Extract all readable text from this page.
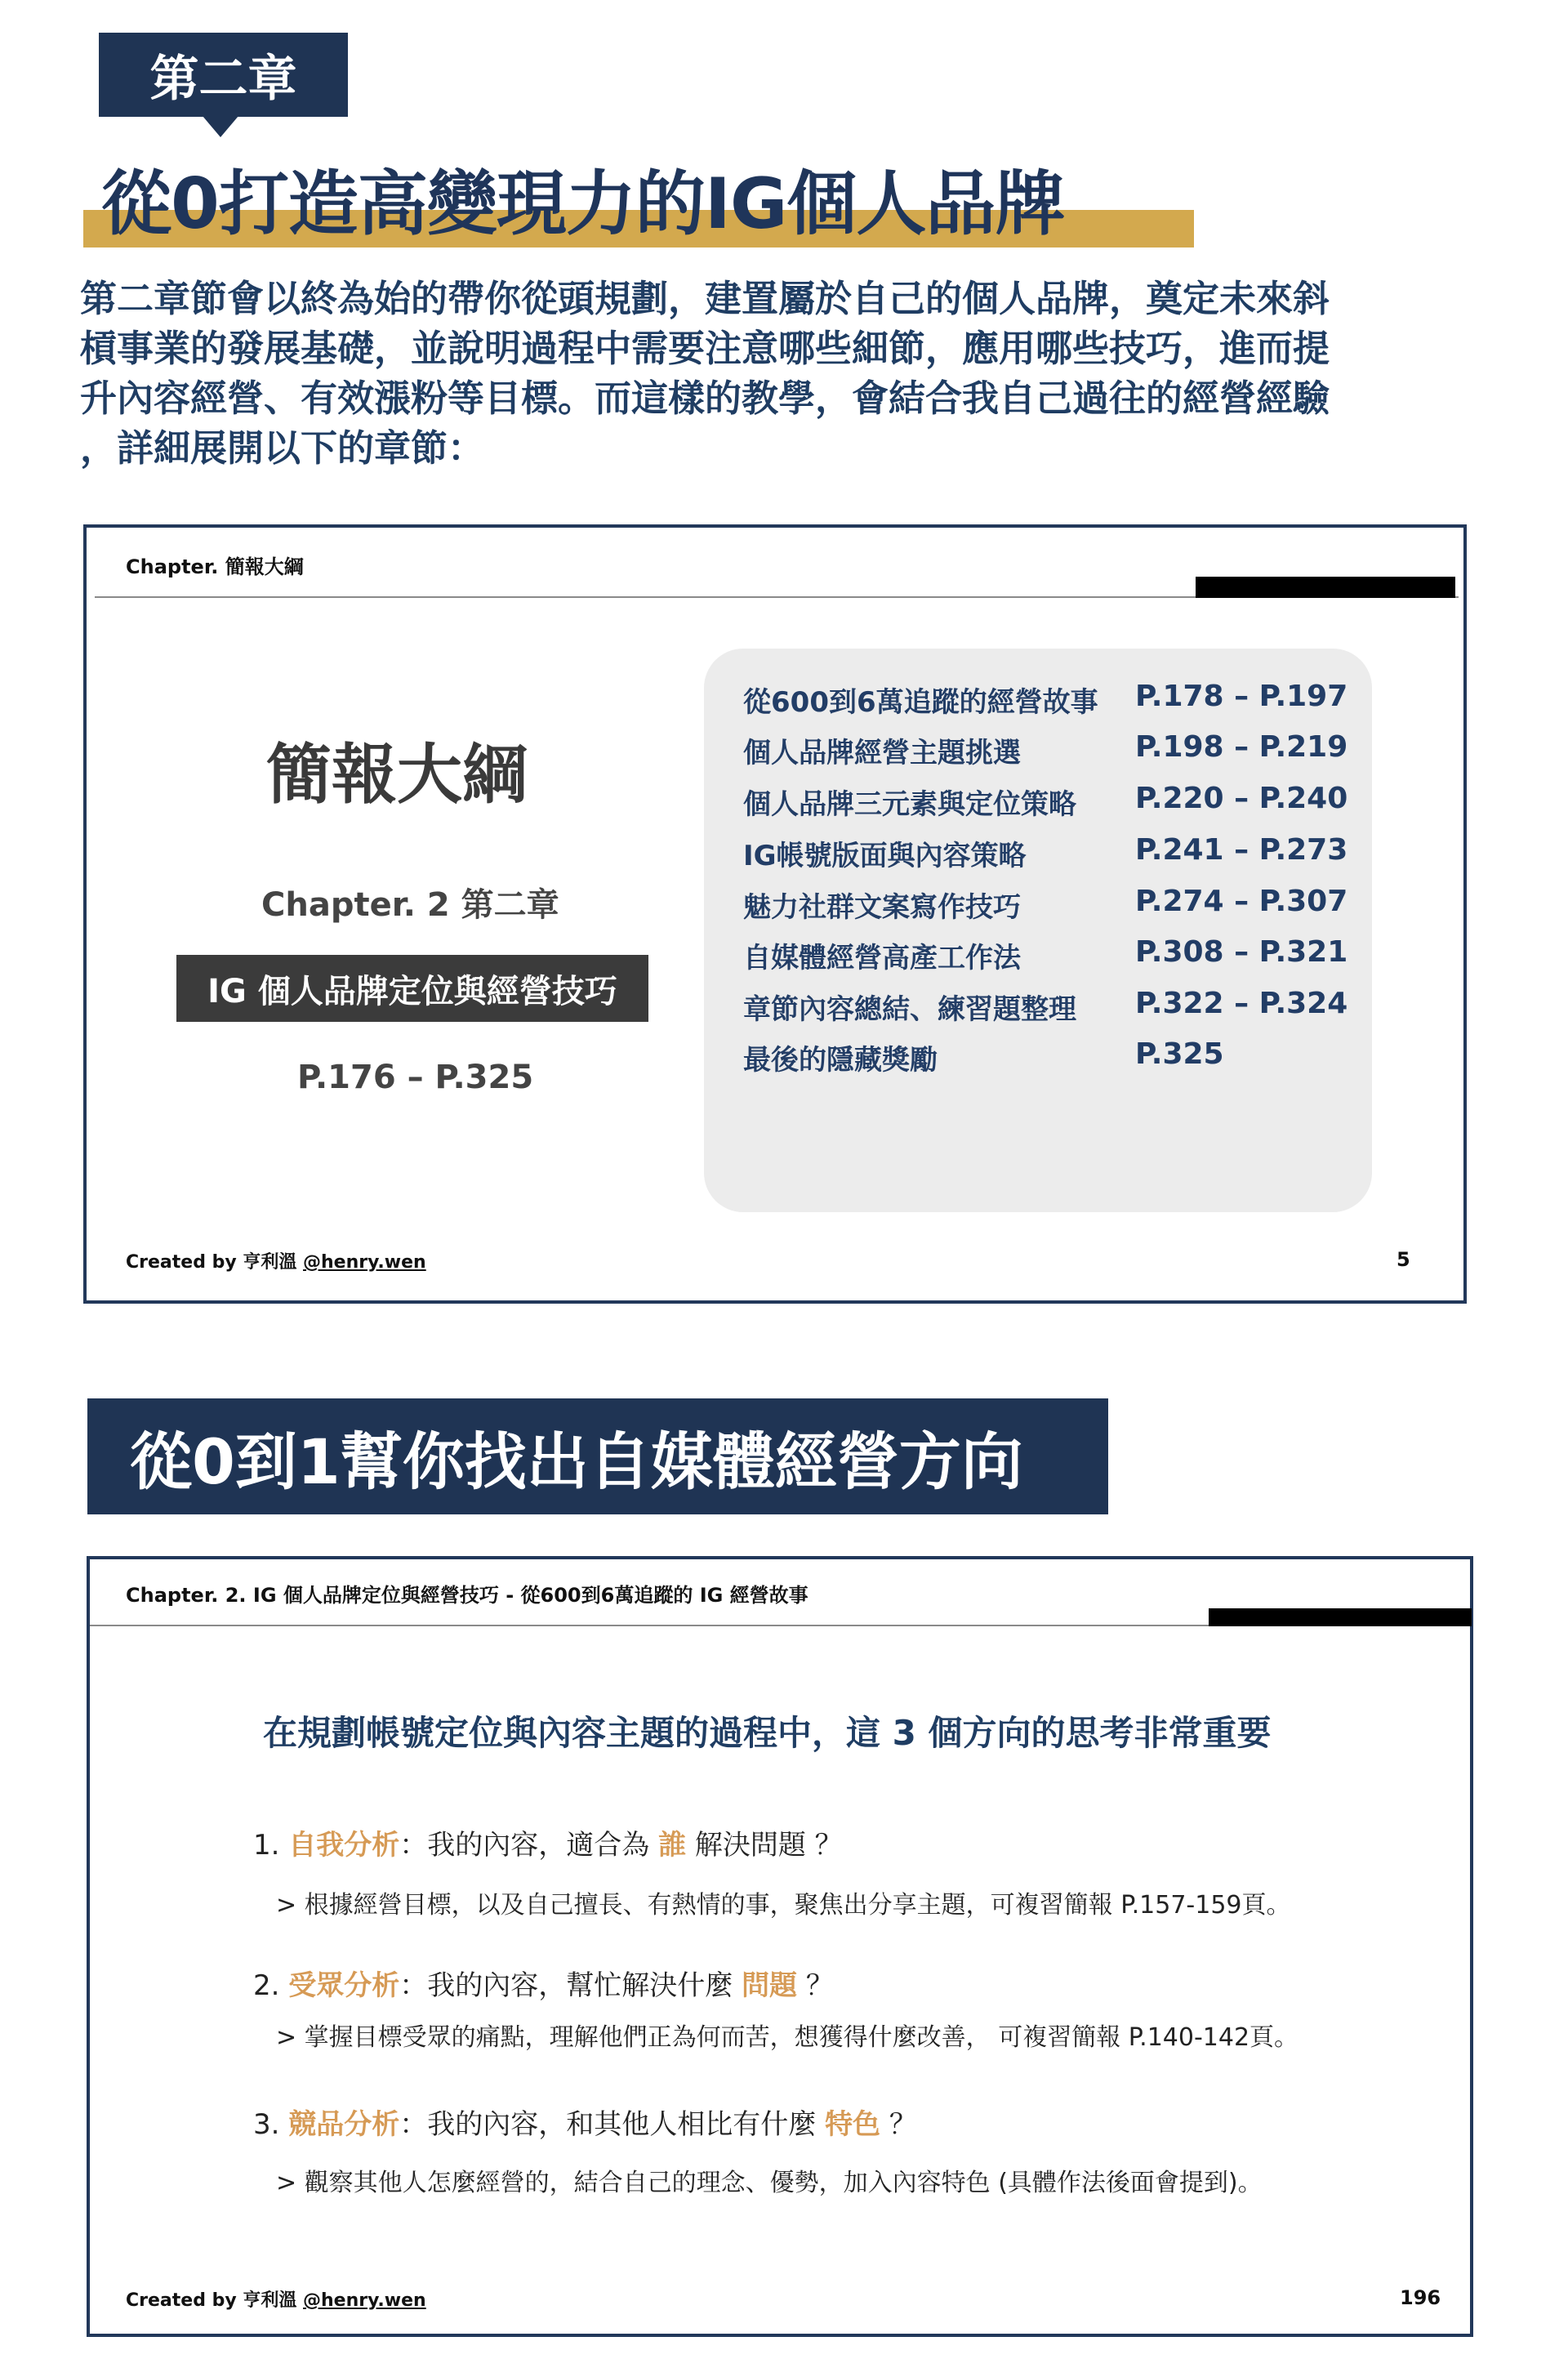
第二章
從0打造高變現力的IG個人品牌
第二章節會以終為始的帶你從頭規劃，建置屬於自己的個人品牌，奠定未來斜
槓事業的發展基礎，並說明過程中需要注意哪些細節，應用哪些技巧，進而提
升內容經營、有效漲粉等目標。而這樣的教學，會結合我自己過往的經營經驗
，詳細展開以下的章節：
Chapter. 簡報大綱
簡報大綱
Chapter. 2 第二章
IG 個人品牌定位與經營技巧
P.176 – P.325
從600到6萬追蹤的經營故事 P.178 – P.197
個人品牌經營主題挑選	P.198 – P.219
個人品牌三元素與定位策略 P.220 – P.240
IG帳號版面與內容策略	P.241 – P.273
魅力社群文案寫作技巧	P.274 – P.307
自媒體經營高產工作法	P.308 – P.321
章節內容總結、練習題整理 P.322 – P.324
最後的隱藏獎勵	P.325
Created by 亨利溫 @henry.wen	5
從0到1幫你找出自媒體經營方向
Chapter. 2. IG 個人品牌定位與經營技巧 - 從600到6萬追蹤的 IG 經營故事
在規劃帳號定位與內容主題的過程中，這 3 個方向的思考非常重要
1. 自我分析：我的內容，適合為 誰 解決問題 ？
> 根據經營目標，以及自己擅長、有熱情的事，聚焦出分享主題，可複習簡報 P.157-159頁。
2. 受眾分析：我的內容，幫忙解決什麼 問題 ？
> 掌握目標受眾的痛點，理解他們正為何而苦，想獲得什麼改善， 可複習簡報 P.140-142頁。
3. 競品分析：我的內容，和其他人相比有什麼 特色 ？
> 觀察其他人怎麼經營的，結合自己的理念、優勢，加入內容特色 (具體作法後面會提到)。
Created by 亨利溫 @henry.wen	196
